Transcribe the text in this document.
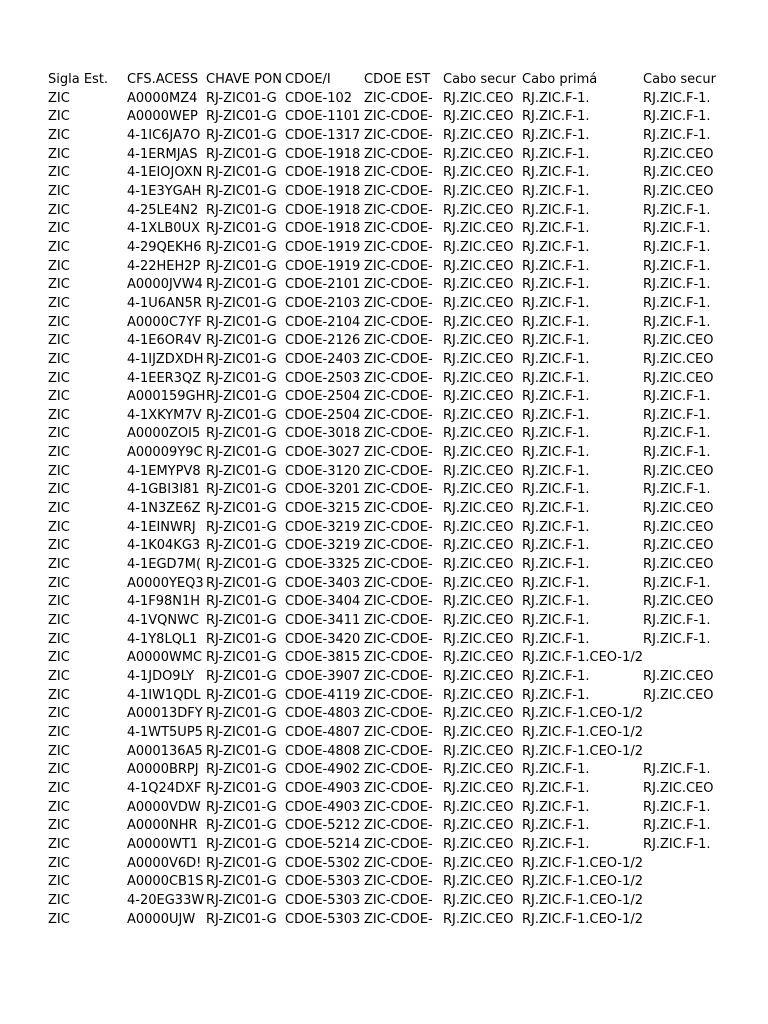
Sigla Est.	CFS.ACESS	CHAVE PON	CDOE/I	CDOE EST	Cabo secur	Cabo primá	Cabo secur
ZIC	A0000MZ4	RJ-ZIC01-G	CDOE-102	ZIC-CDOE-	RJ.ZIC.CEO	RJ.ZIC.F-1.	RJ.ZIC.F-1.
ZIC	A0000WEP	RJ-ZIC01-G	CDOE-1101	ZIC-CDOE-	RJ.ZIC.CEO	RJ.ZIC.F-1.	RJ.ZIC.F-1.
ZIC	4-1IC6JA7O	RJ-ZIC01-G	CDOE-1317	ZIC-CDOE-	RJ.ZIC.CEO	RJ.ZIC.F-1.	RJ.ZIC.F-1.
ZIC	4-1ERMJAS	RJ-ZIC01-G	CDOE-1918	ZIC-CDOE-	RJ.ZIC.CEO	RJ.ZIC.F-1.	RJ.ZIC.CEO
ZIC	4-1EIOJOXN	RJ-ZIC01-G	CDOE-1918	ZIC-CDOE-	RJ.ZIC.CEO	RJ.ZIC.F-1.	RJ.ZIC.CEO
ZIC	4-1E3YGAH	RJ-ZIC01-G	CDOE-1918	ZIC-CDOE-	RJ.ZIC.CEO	RJ.ZIC.F-1.	RJ.ZIC.CEO
ZIC	4-25LE4N2	RJ-ZIC01-G	CDOE-1918	ZIC-CDOE-	RJ.ZIC.CEO	RJ.ZIC.F-1.	RJ.ZIC.F-1.
ZIC	4-1XLB0UX	RJ-ZIC01-G	CDOE-1918	ZIC-CDOE-	RJ.ZIC.CEO	RJ.ZIC.F-1.	RJ.ZIC.F-1.
ZIC	4-29QEKH6	RJ-ZIC01-G	CDOE-1919	ZIC-CDOE-	RJ.ZIC.CEO	RJ.ZIC.F-1.	RJ.ZIC.F-1.
ZIC	4-22HEH2P	RJ-ZIC01-G	CDOE-1919	ZIC-CDOE-	RJ.ZIC.CEO	RJ.ZIC.F-1.	RJ.ZIC.F-1.
ZIC	A0000JVW4	RJ-ZIC01-G	CDOE-2101	ZIC-CDOE-	RJ.ZIC.CEO	RJ.ZIC.F-1.	RJ.ZIC.F-1.
ZIC	4-1U6AN5R	RJ-ZIC01-G	CDOE-2103	ZIC-CDOE-	RJ.ZIC.CEO	RJ.ZIC.F-1.	RJ.ZIC.F-1.
ZIC	A0000C7YF	RJ-ZIC01-G	CDOE-2104	ZIC-CDOE-	RJ.ZIC.CEO	RJ.ZIC.F-1.	RJ.ZIC.F-1.
ZIC	4-1E6OR4V	RJ-ZIC01-G	CDOE-2126	ZIC-CDOE-	RJ.ZIC.CEO	RJ.ZIC.F-1.	RJ.ZIC.CEO
ZIC	4-1IJZDXDH	RJ-ZIC01-G	CDOE-2403	ZIC-CDOE-	RJ.ZIC.CEO	RJ.ZIC.F-1.	RJ.ZIC.CEO
ZIC	4-1EER3QZ	RJ-ZIC01-G	CDOE-2503	ZIC-CDOE-	RJ.ZIC.CEO	RJ.ZIC.F-1.	RJ.ZIC.CEO
ZIC	A000159GH	RJ-ZIC01-G	CDOE-2504	ZIC-CDOE-	RJ.ZIC.CEO	RJ.ZIC.F-1.	RJ.ZIC.F-1.
ZIC	4-1XKYM7V	RJ-ZIC01-G	CDOE-2504	ZIC-CDOE-	RJ.ZIC.CEO	RJ.ZIC.F-1.	RJ.ZIC.F-1.
ZIC	A0000ZOI5	RJ-ZIC01-G	CDOE-3018	ZIC-CDOE-	RJ.ZIC.CEO	RJ.ZIC.F-1.	RJ.ZIC.F-1.
ZIC	A00009Y9C	RJ-ZIC01-G	CDOE-3027	ZIC-CDOE-	RJ.ZIC.CEO	RJ.ZIC.F-1.	RJ.ZIC.F-1.
ZIC	4-1EMYPV8	RJ-ZIC01-G	CDOE-3120	ZIC-CDOE-	RJ.ZIC.CEO	RJ.ZIC.F-1.	RJ.ZIC.CEO
ZIC	4-1GBI3I81	RJ-ZIC01-G	CDOE-3201	ZIC-CDOE-	RJ.ZIC.CEO	RJ.ZIC.F-1.	RJ.ZIC.F-1.
ZIC	4-1N3ZE6Z	RJ-ZIC01-G	CDOE-3215	ZIC-CDOE-	RJ.ZIC.CEO	RJ.ZIC.F-1.	RJ.ZIC.CEO
ZIC	4-1EINWRJ	RJ-ZIC01-G	CDOE-3219	ZIC-CDOE-	RJ.ZIC.CEO	RJ.ZIC.F-1.	RJ.ZIC.CEO
ZIC	4-1K04KG3	RJ-ZIC01-G	CDOE-3219	ZIC-CDOE-	RJ.ZIC.CEO	RJ.ZIC.F-1.	RJ.ZIC.CEO
ZIC	4-1EGD7M(	RJ-ZIC01-G	CDOE-3325	ZIC-CDOE-	RJ.ZIC.CEO	RJ.ZIC.F-1.	RJ.ZIC.CEO
ZIC	A0000YEQ3	RJ-ZIC01-G	CDOE-3403	ZIC-CDOE-	RJ.ZIC.CEO	RJ.ZIC.F-1.	RJ.ZIC.F-1.
ZIC	4-1F98N1H	RJ-ZIC01-G	CDOE-3404	ZIC-CDOE-	RJ.ZIC.CEO	RJ.ZIC.F-1.	RJ.ZIC.CEO
ZIC	4-1VQNWC	RJ-ZIC01-G	CDOE-3411	ZIC-CDOE-	RJ.ZIC.CEO	RJ.ZIC.F-1.	RJ.ZIC.F-1.
ZIC	4-1Y8LQL1	RJ-ZIC01-G	CDOE-3420	ZIC-CDOE-	RJ.ZIC.CEO	RJ.ZIC.F-1.	RJ.ZIC.F-1.
ZIC	A0000WMC	RJ-ZIC01-G	CDOE-3815	ZIC-CDOE-	RJ.ZIC.CEO	RJ.ZIC.F-1.CEO-1/2	
ZIC	4-1JDO9LY	RJ-ZIC01-G	CDOE-3907	ZIC-CDOE-	RJ.ZIC.CEO	RJ.ZIC.F-1.	RJ.ZIC.CEO
ZIC	4-1IW1QDL	RJ-ZIC01-G	CDOE-4119	ZIC-CDOE-	RJ.ZIC.CEO	RJ.ZIC.F-1.	RJ.ZIC.CEO
ZIC	A00013DFY	RJ-ZIC01-G	CDOE-4803	ZIC-CDOE-	RJ.ZIC.CEO	RJ.ZIC.F-1.CEO-1/2	
ZIC	4-1WT5UP5	RJ-ZIC01-G	CDOE-4807	ZIC-CDOE-	RJ.ZIC.CEO	RJ.ZIC.F-1.CEO-1/2	
ZIC	A000136A5	RJ-ZIC01-G	CDOE-4808	ZIC-CDOE-	RJ.ZIC.CEO	RJ.ZIC.F-1.CEO-1/2	
ZIC	A0000BRPJ	RJ-ZIC01-G	CDOE-4902	ZIC-CDOE-	RJ.ZIC.CEO	RJ.ZIC.F-1.	RJ.ZIC.F-1.
ZIC	4-1Q24DXF	RJ-ZIC01-G	CDOE-4903	ZIC-CDOE-	RJ.ZIC.CEO	RJ.ZIC.F-1.	RJ.ZIC.CEO
ZIC	A0000VDW	RJ-ZIC01-G	CDOE-4903	ZIC-CDOE-	RJ.ZIC.CEO	RJ.ZIC.F-1.	RJ.ZIC.F-1.
ZIC	A0000NHR	RJ-ZIC01-G	CDOE-5212	ZIC-CDOE-	RJ.ZIC.CEO	RJ.ZIC.F-1.	RJ.ZIC.F-1.
ZIC	A0000WT1	RJ-ZIC01-G	CDOE-5214	ZIC-CDOE-	RJ.ZIC.CEO	RJ.ZIC.F-1.	RJ.ZIC.F-1.
ZIC	A0000V6D!	RJ-ZIC01-G	CDOE-5302	ZIC-CDOE-	RJ.ZIC.CEO	RJ.ZIC.F-1.CEO-1/2	
ZIC	A0000CB1S	RJ-ZIC01-G	CDOE-5303	ZIC-CDOE-	RJ.ZIC.CEO	RJ.ZIC.F-1.CEO-1/2	
ZIC	4-20EG33W	RJ-ZIC01-G	CDOE-5303	ZIC-CDOE-	RJ.ZIC.CEO	RJ.ZIC.F-1.CEO-1/2	
ZIC	A0000UJW	RJ-ZIC01-G	CDOE-5303	ZIC-CDOE-	RJ.ZIC.CEO	RJ.ZIC.F-1.CEO-1/2	
